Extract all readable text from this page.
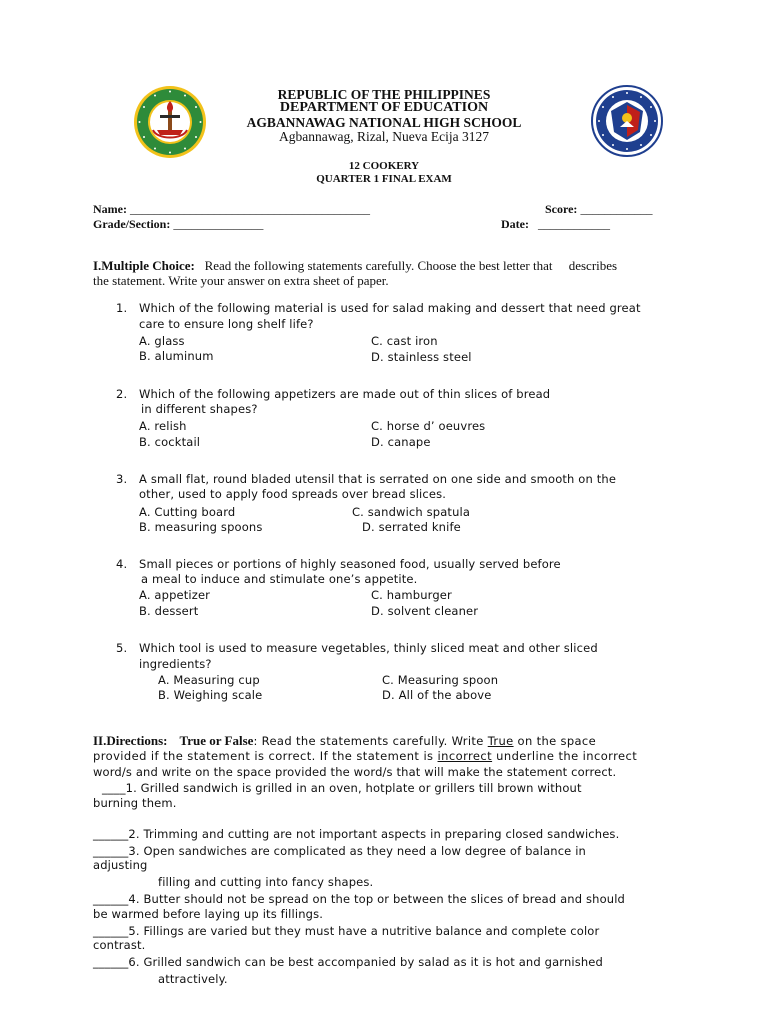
REPUBLIC OF THE PHILIPPINES
DEPARTMENT OF EDUCATION
AGBANNAWAG NATIONAL HIGH SCHOOL
Agbannawag, Rizal, Nueva Ecija 3127
12 COOKERY
QUARTER 1 FINAL EXAM
Name: ________________________________________	Score: ____________
Grade/Section: _______________	Date: ____________
I.Multiple Choice: Read the following statements carefully. Choose the best letter that     describes
the statement. Write your answer on extra sheet of paper.
1. Which of the following material is used for salad making and dessert that need great
care to ensure long shelf life?
A. glass
B. aluminum
C. cast iron
D. stainless steel
2. Which of the following appetizers are made out of thin slices of bread
in different shapes?
A. relish
B. cocktail
C. horse d’ oeuvres
D. canape
3. A small flat, round bladed utensil that is serrated on one side and smooth on the
other, used to apply food spreads over bread slices.
A. Cutting board
B. measuring spoons
C. sandwich spatula
D. serrated knife
4. Small pieces or portions of highly seasoned food, usually served before
a meal to induce and stimulate one’s appetite.
A. appetizer
B. dessert
C. hamburger
D. solvent cleaner
5. Which tool is used to measure vegetables, thinly sliced meat and other sliced
ingredients?
A. Measuring cup
B. Weighing scale
C. Measuring spoon
D. All of the above
II.Directions: True or False: Read the statements carefully. Write True on the space
provided if the statement is correct. If the statement is incorrect underline the incorrect
word/s and write on the space provided the word/s that will make the statement correct.
____1. Grilled sandwich is grilled in an oven, hotplate or grillers till brown without
burning them.
______2. Trimming and cutting are not important aspects in preparing closed sandwiches.
______3. Open sandwiches are complicated as they need a low degree of balance in
adjusting
filling and cutting into fancy shapes.
______4. Butter should not be spread on the top or between the slices of bread and should
be warmed before laying up its fillings.
______5. Fillings are varied but they must have a nutritive balance and complete color
contrast.
______6. Grilled sandwich can be best accompanied by salad as it is hot and garnished
attractively.
